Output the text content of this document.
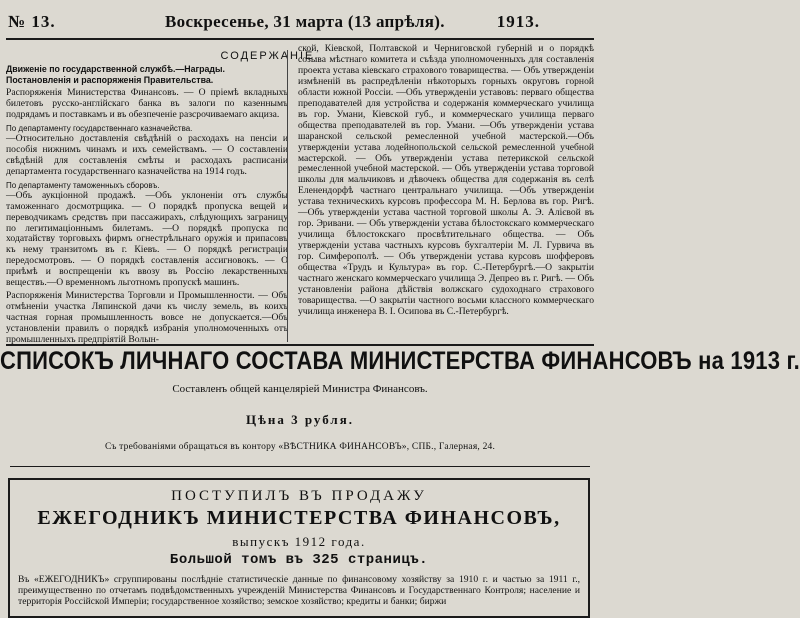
№ 13.	Воскресенье, 31 марта (13 апрѣля).	1913.
СОДЕРЖАНІЕ.
Движеніе по государственной службѣ.—Награды.
Постановленія и распоряженія Правительства.
Распоряженія Министерства Финансовъ. — О пріемѣ вкладныхъ билетовъ русско-англійскаго банка въ залоги по казеннымъ подрядамъ и поставкамъ и въ обезпеченіе разсрочиваемаго акциза.
По департаменту государственнаго казначейства.
—Относительно доставленія свѣдѣній о расходахъ на пенсіи и пособія нижнимъ чинамъ и ихъ семействамъ. — О составленіи свѣдѣній для составленія смѣты и расходахъ расписаніи департамента государственнаго казначейства на 1914 годъ.
По департаменту таможенныхъ сборовъ.
—Объ аукціонной продажѣ. —Объ уклоненіи отъ службы таможеннаго досмотрщика. — О порядкѣ пропуска вещей и переводчикамъ средствъ при пассажирахъ, слѣдующихъ заграницу по легитимаціоннымъ билетамъ. —О порядкѣ пропуска по ходатайству торговыхъ фирмъ огнестрѣльнаго оружія и припасовъ къ нему транзитомъ въ г. Кіевъ. — О порядкѣ регистраціи передосмотровъ. — О порядкѣ составленія ассигновокъ. — О приѣмѣ и воспрещеніи къ ввозу въ Россію лекарственныхъ веществъ.—О временномъ льготномъ пропускѣ машинъ.
Распоряженія Министерства Торговли и Промышленности. — Объ отмѣненіи участка Ляпинской дачи къ числу земель, въ коихъ частная горная промышленность вовсе не допускается.—Объ установленіи правилъ о порядкѣ избранія уполномоченныхъ отъ промышленныхъ предпріятій Волын-
ской, Кіевской, Полтавской и Черниговской губерній и о порядкѣ созыва мѣстнаго комитета и съѣзда уполномоченныхъ для составленія проекта устава кіевскаго страхового товарищества. — Объ утвержденіи измѣненій въ распредѣленіи нѣкоторыхъ горныхъ округовъ горной области южной Россіи. —Объ утвержденіи уставовъ: перваго общества преподавателей для устройства и содержанія коммерческаго училища въ гор. Умани, Кіевской губ., и коммерческаго училища перваго общества преподавателей въ гор. Умани. —Объ утвержденіи устава шаранской сельской ремесленной учебной мастерской.—Объ утвержденіи устава лодейнопольской сельской ремесленной учебной мастерской. — Объ утвержденіи устава петерикской сельской ремесленной учебной мастерской. — Объ утвержденіи устава торговой школы для мальчиковъ и дѣвочекъ общества для содержанія въ селѣ Еленендорфѣ частнаго центральнаго училища. —Объ утвержденіи устава техническихъ курсовъ профессора М. Н. Берлова въ гор. Ригѣ. —Объ утвержденіи устава частной торговой школы А. Э. Алієвой въ гор. Эривани. — Объ утвержденіи устава бѣлостокскаго коммерческаго училища бѣлостокскаго просвѣтительнаго общества. — Объ утвержденіи устава частныхъ курсовъ бухгалтеріи М. Л. Гурвича въ гор. Симферополѣ. — Объ утвержденіи устава курсовъ шофферовъ общества «Трудъ и Культура» въ гор. С.-Петербургѣ.—О закрытіи частнаго женскаго коммерческаго училища Э. Депрео въ г. Ригѣ. — Объ установленіи района дѣйствія волжскаго судоходнаго страхового товарищества. —О закрытіи частного восьми классного коммерческаго училища инженера В. І. Осипова въ С.-Петербургѣ.
СПИСОКЪ ЛИЧНАГО СОСТАВА МИНИСТЕРСТВА ФИНАНСОВЪ на 1913 г.
Составленъ общей канцеляріей Министра Финансовъ.
Цѣна 3 рубля.
Съ требованіями обращаться въ контору «ВѢСТНИКА ФИНАНСОВЪ», СПБ., Галерная, 24.
ПОСТУПИЛЪ ВЪ ПРОДАЖУ
ЕЖЕГОДНИКЪ МИНИСТЕРСТВА ФИНАНСОВЪ,
выпускъ 1912 года.
Большой томъ въ 325 страницъ.
Въ «ЕЖЕГОДНИКЪ» сгруппированы послѣдніе статистическіе данные по финансовому хозяйству за 1910 г. и частью за 1911 г., преимущественно по отчетамъ подвѣдомственныхъ учрежденій Министерства Финансовъ и Государственнаго Контроля; население и территорія Россійской Имперіи; государственное хозяйство; земское хозяйство; кредиты и банки; биржи
